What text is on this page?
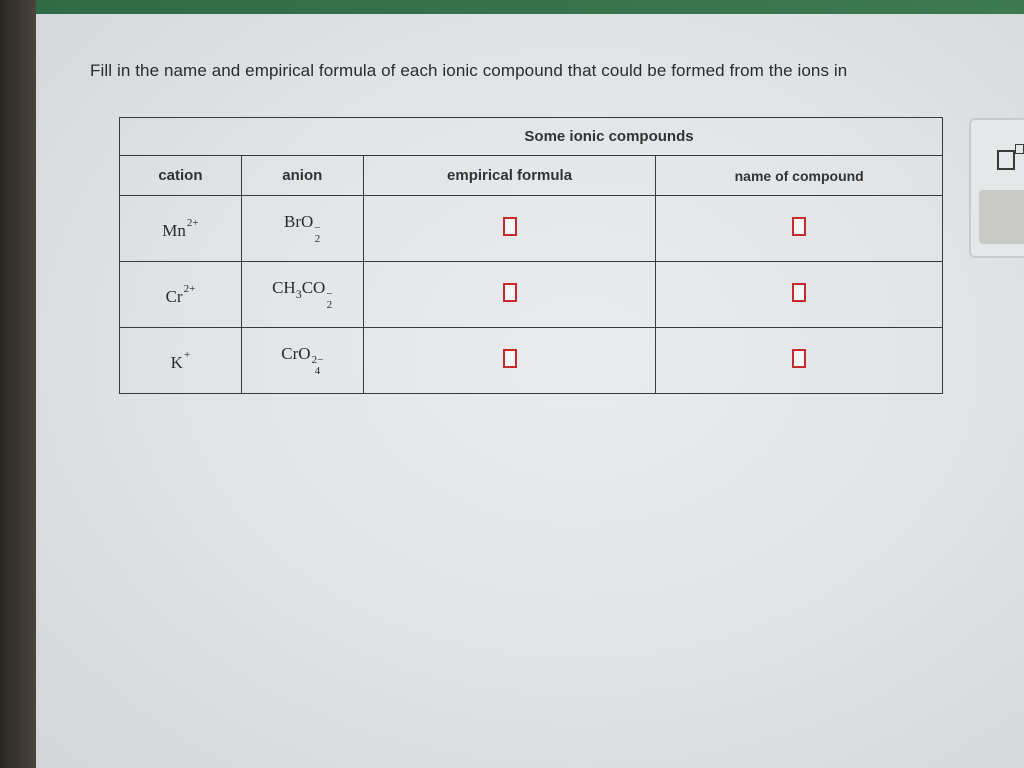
Fill in the name and empirical formula of each ionic compound that could be formed from the ions in
Some ionic compounds			
cation	anion	empirical formula	name of compound
$Mn^{2+}$	BrO −
2		

$Cr^{2+}$	$CH_3CO$ −
2		

K+	CrO 2−
4		
